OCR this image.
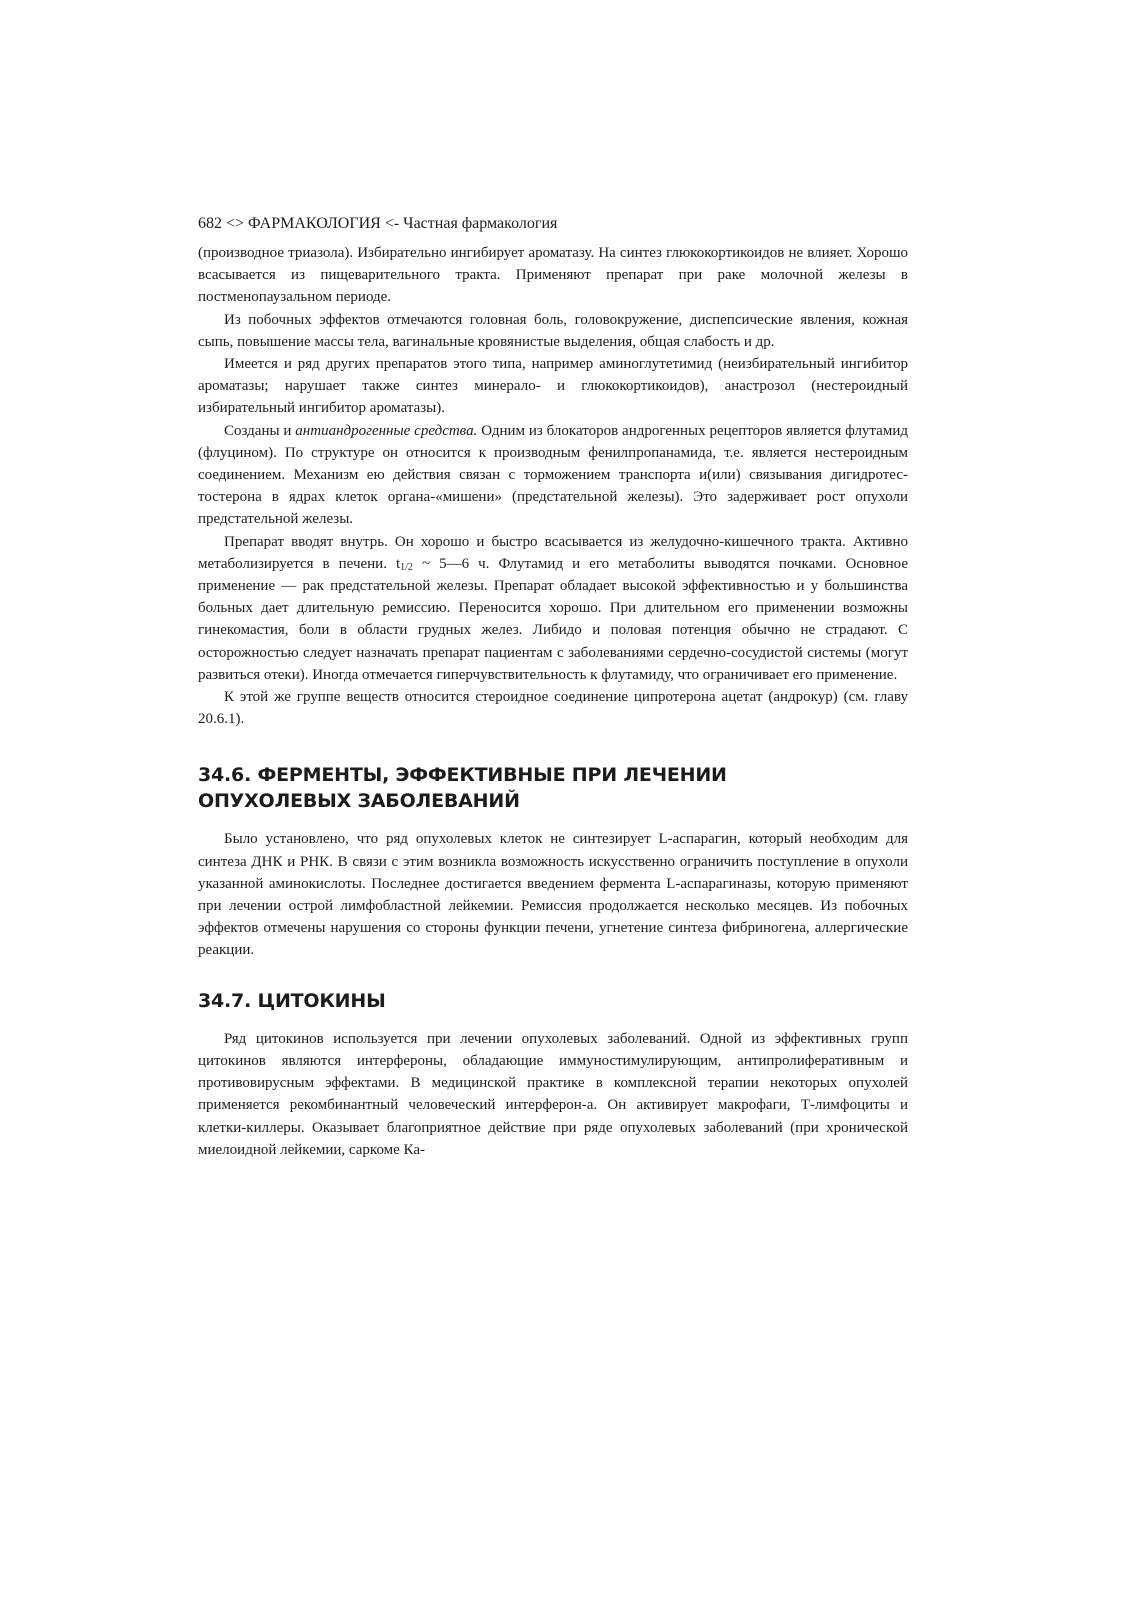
682 <> ФАРМАКОЛОГИЯ <- Частная фармакология

(производное триазола). Избирательно ингибирует ароматазу. На синтез глюкокортикоидов не влияет. Хорошо всасывается из пищеварительного тракта. Применяют препарат при раке молочной железы в постменопаузальном периоде.

Из побочных эффектов отмечаются головная боль, головокружение, диспепсические явления, кожная сыпь, повышение массы тела, вагинальные кровянистые выделения, общая слабость и др.

Имеется и ряд других препаратов этого типа, например аминоглутетимид (неизбирательный ингибитор ароматазы; нарушает также синтез минерало- и глюкокортикоидов), анастрозол (нестероидный избирательный ингибитор ароматазы).

Созданы и антиандрогенные средства. Одним из блокаторов андрогенных рецепторов является флутамид (флуцином). По структуре он относится к производным фенилпропанамида, т.е. является нестероидным соединением. Механизм ею действия связан с торможением транспорта и(или) связывания дигидротестостерона в ядрах клеток органа-«мишени» (предстательной железы). Это задерживает рост опухоли предстательной железы.

Препарат вводят внутрь. Он хорошо и быстро всасывается из желудочно-кишечного тракта. Активно метаболизируется в печени. $t_{1/2}$ ~ 5—6 ч. Флутамид и его метаболиты выводятся почками. Основное применение — рак предстательной железы. Препарат обладает высокой эффективностью и у большинства больных дает длительную ремиссию. Переносится хорошо. При длительном его применении возможны гинекомастия, боли в области грудных желез. Либидо и половая потенция обычно не страдают. С осторожностью следует назначать препарат пациентам с заболеваниями сердечно-сосудистой системы (могут развиться отеки). Иногда отмечается гиперчувствительность к флутамиду, что ограничивает его применение.

К этой же группе веществ относится стероидное соединение ципротерона ацетат (андрокур) (см. главу 20.6.1).

34.6. ФЕРМЕНТЫ, ЭФФЕКТИВНЫЕ ПРИ ЛЕЧЕНИИ
ОПУХОЛЕВЫХ ЗАБОЛЕВАНИЙ

Было установлено, что ряд опухолевых клеток не синтезирует L-аспарагин, который необходим для синтеза ДНК и РНК. В связи с этим возникла возможность искусственно ограничить поступление в опухоли указанной аминокислоты. Последнее достигается введением фермента L-аспарагиназы, которую применяют при лечении острой лимфобластной лейкемии. Ремиссия продолжается несколько месяцев. Из побочных эффектов отмечены нарушения со стороны функции печени, угнетение синтеза фибриногена, аллергические реакции.

34.7. ЦИТОКИНЫ

Ряд цитокинов используется при лечении опухолевых заболеваний. Одной из эффективных групп цитокинов являются интерфероны, обладающие иммуностимулирующим, антипролиферативным и противовирусным эффектами. В медицинской практике в комплексной терапии некоторых опухолей применяется рекомбинантный человеческий интерферон-а. Он активирует макрофаги, Т-лимфоциты и клетки-киллеры. Оказывает благоприятное действие при ряде опухолевых заболеваний (при хронической миелоидной лейкемии, саркоме Ка-
